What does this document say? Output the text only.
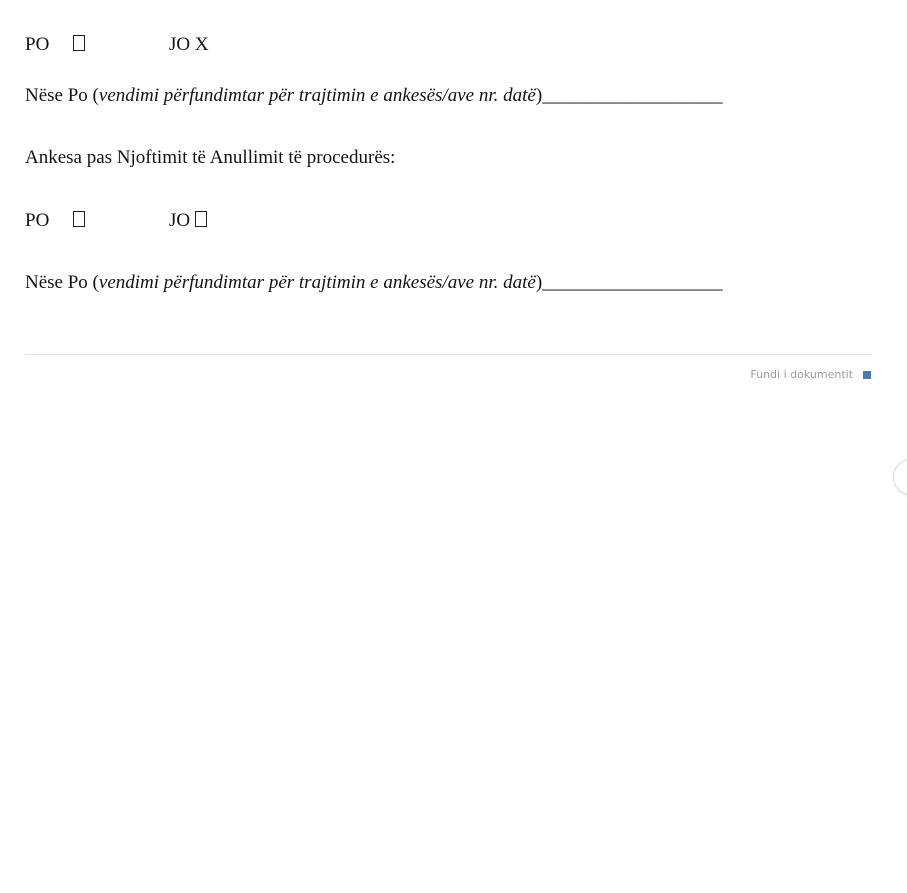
PO	JO X
Nëse Po (vendimi përfundimtar për trajtimin e ankesës/ave nr. datë)___________________
Ankesa pas Njoftimit të Anullimit të procedurës:
PO	JO
Nëse Po (vendimi përfundimtar për trajtimin e ankesës/ave nr. datë)___________________
Fundi i dokumentit
